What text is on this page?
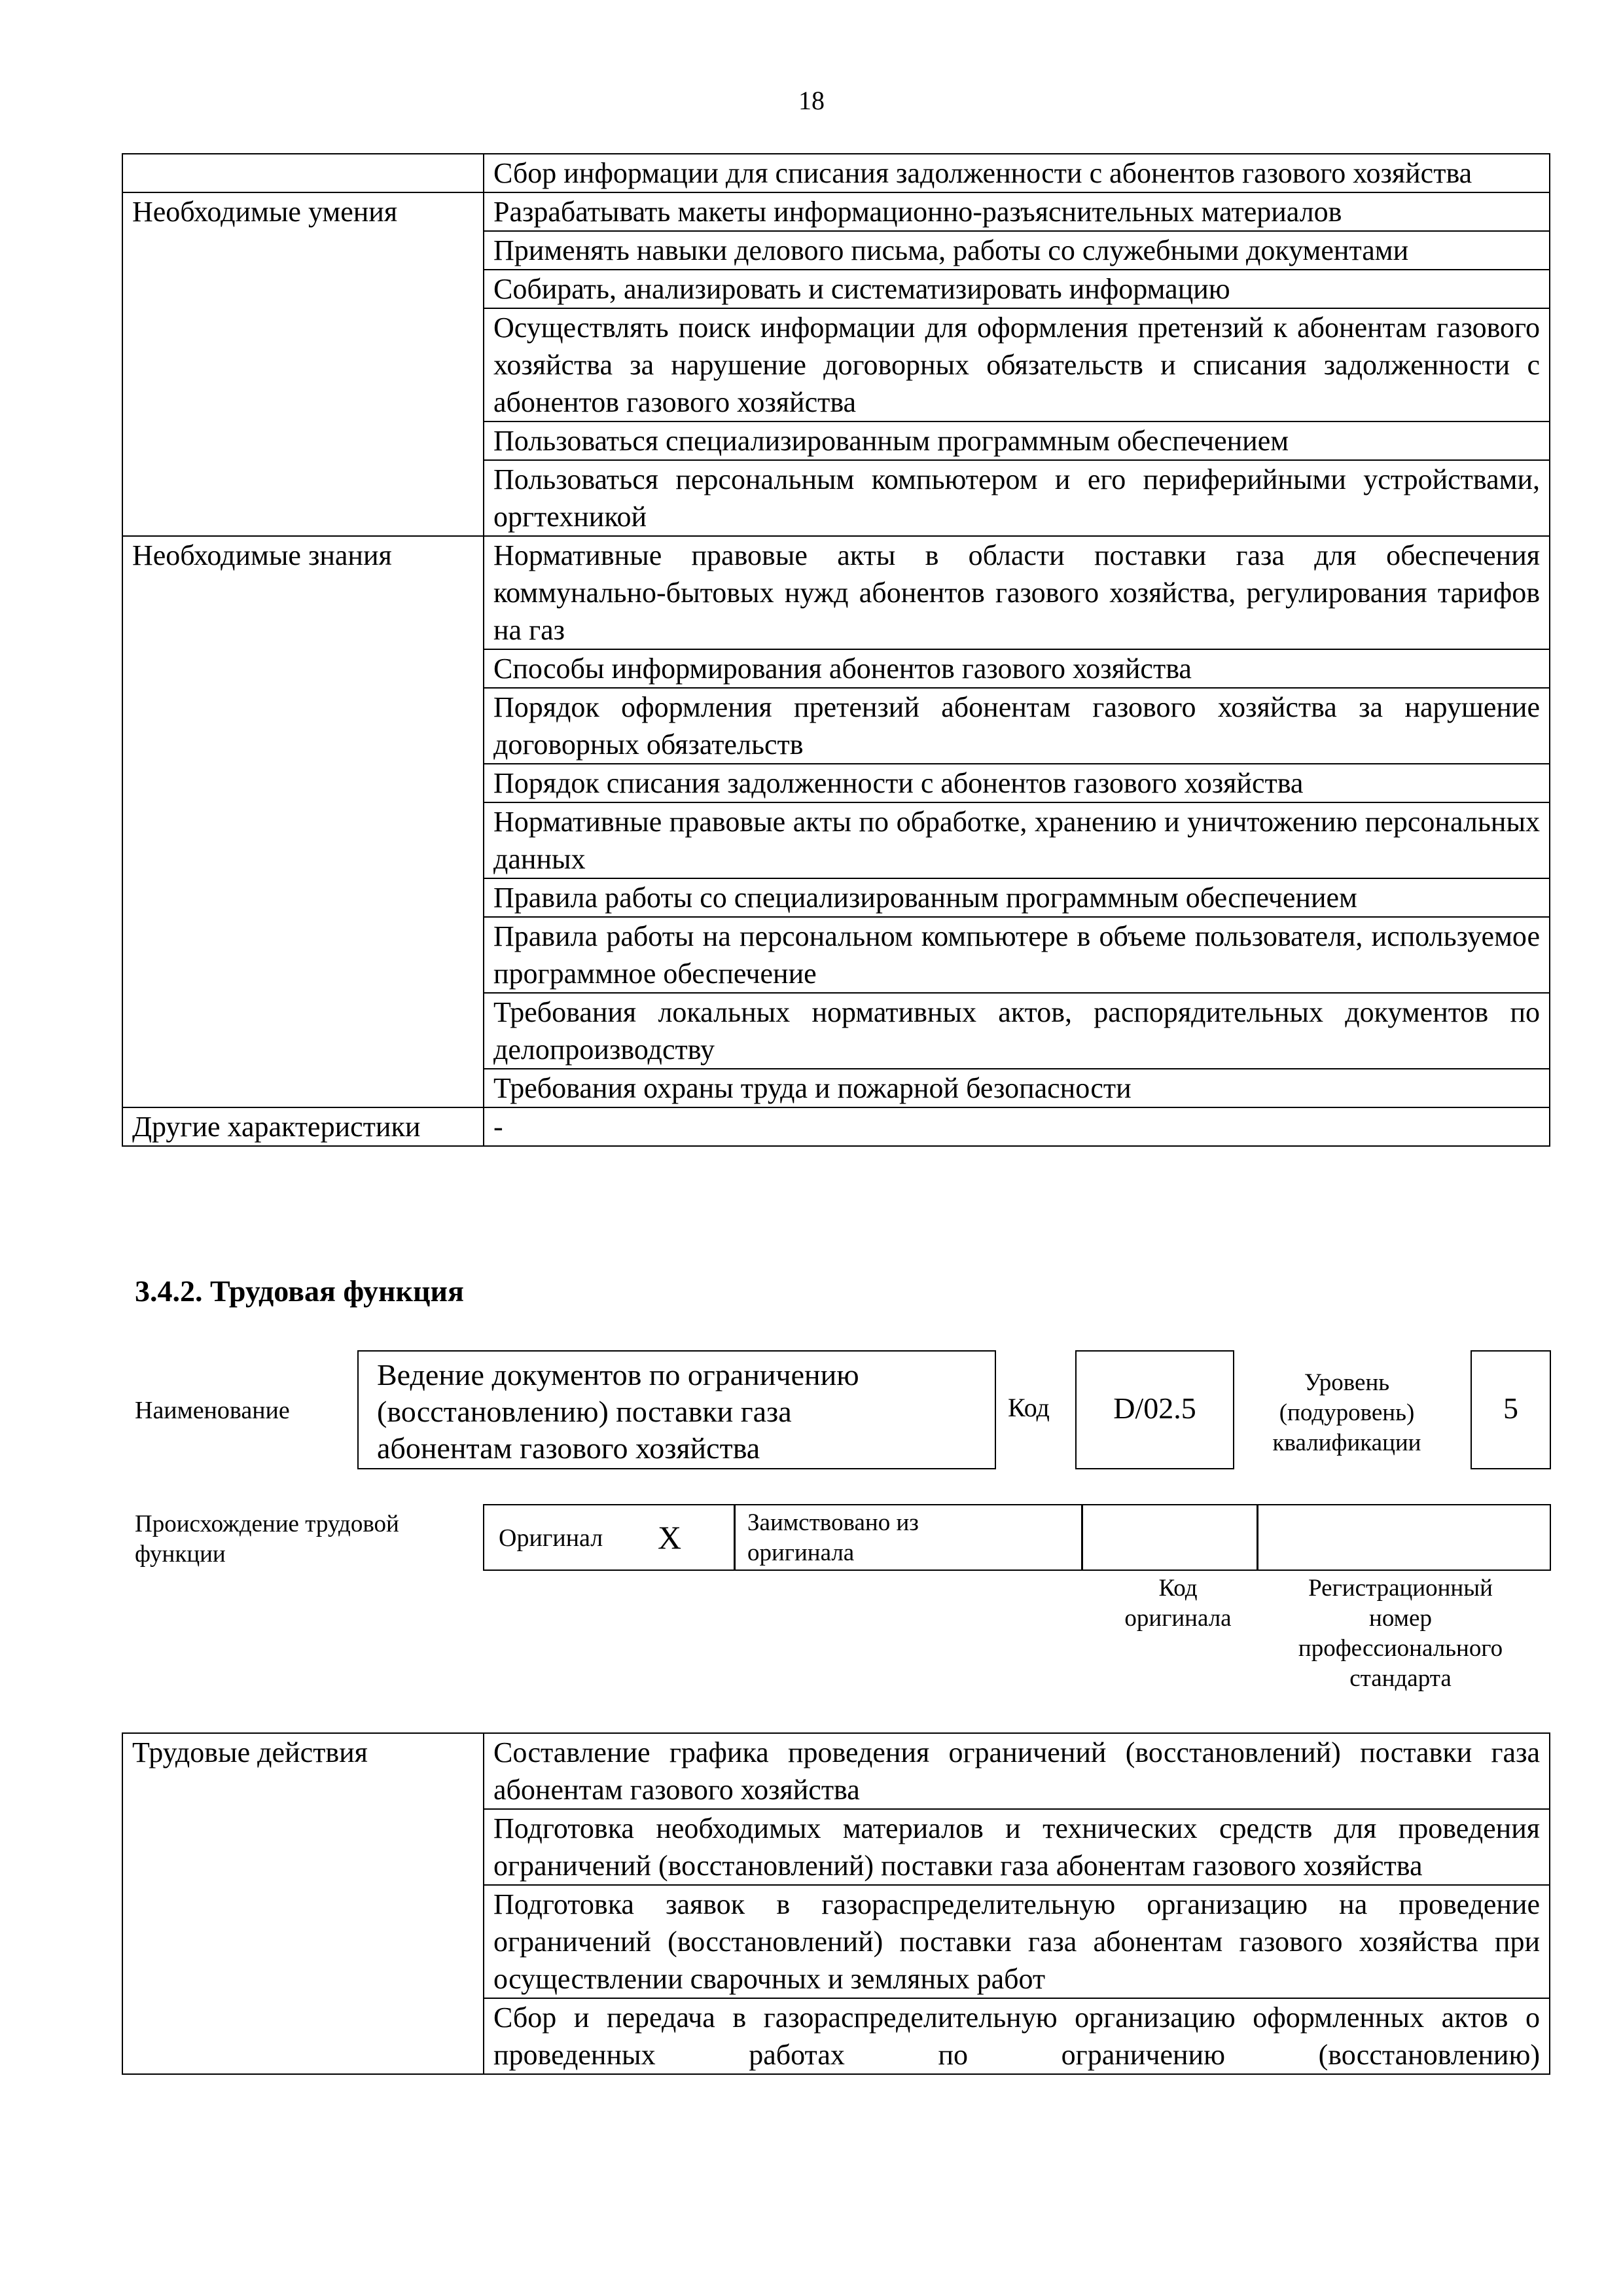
18
	Сбор информации для списания задолженности с абонентов газового хозяйства
Необходимые умения	Разрабатывать макеты информационно-разъяснительных материалов
	Применять навыки делового письма, работы со служебными документами
	Собирать, анализировать и систематизировать информацию
	Осуществлять поиск информации для оформления претензий к абонентам газового хозяйства за нарушение договорных обязательств и списания задолженности с абонентов газового хозяйства
	Пользоваться специализированным программным обеспечением
	Пользоваться персональным компьютером и его периферийными устройствами, оргтехникой
Необходимые знания	Нормативные правовые акты в области поставки газа для обеспечения коммунально-бытовых нужд абонентов газового хозяйства, регулирования тарифов на газ
	Способы информирования абонентов газового хозяйства
	Порядок оформления претензий абонентам газового хозяйства за нарушение договорных обязательств
	Порядок списания задолженности с абонентов газового хозяйства
	Нормативные правовые акты по обработке, хранению и уничтожению персональных данных
	Правила работы со специализированным программным обеспечением
	Правила работы на персональном компьютере в объеме пользователя, используемое программное обеспечение
	Требования локальных нормативных актов, распорядительных документов по делопроизводству
	Требования охраны труда и пожарной безопасности
Другие характеристики	-
3.4.2. Трудовая функция
Наименование
Ведение документов по ограничению
(восстановлению) поставки газа
абонентам газового хозяйства
Код	D/02.5
Уровень
(подуровень)
квалификации
5
Происхождение трудовой
функции
Оригинал X	Заимствовано из
оригинала
Код
оригинала
Регистрационный
номер
профессионального
стандарта
Трудовые действия	Составление графика проведения ограничений (восстановлений) поставки газа абонентам газового хозяйства
Подготовка необходимых материалов и технических средств для проведения ограничений (восстановлений) поставки газа абонентам газового хозяйства
Подготовка заявок в газораспределительную организацию на проведение ограничений (восстановлений) поставки газа абонентам газового хозяйства при осуществлении сварочных и земляных работ
Сбор и передача в газораспределительную организацию оформленных актов о проведенных работах по ограничению (восстановлению)
